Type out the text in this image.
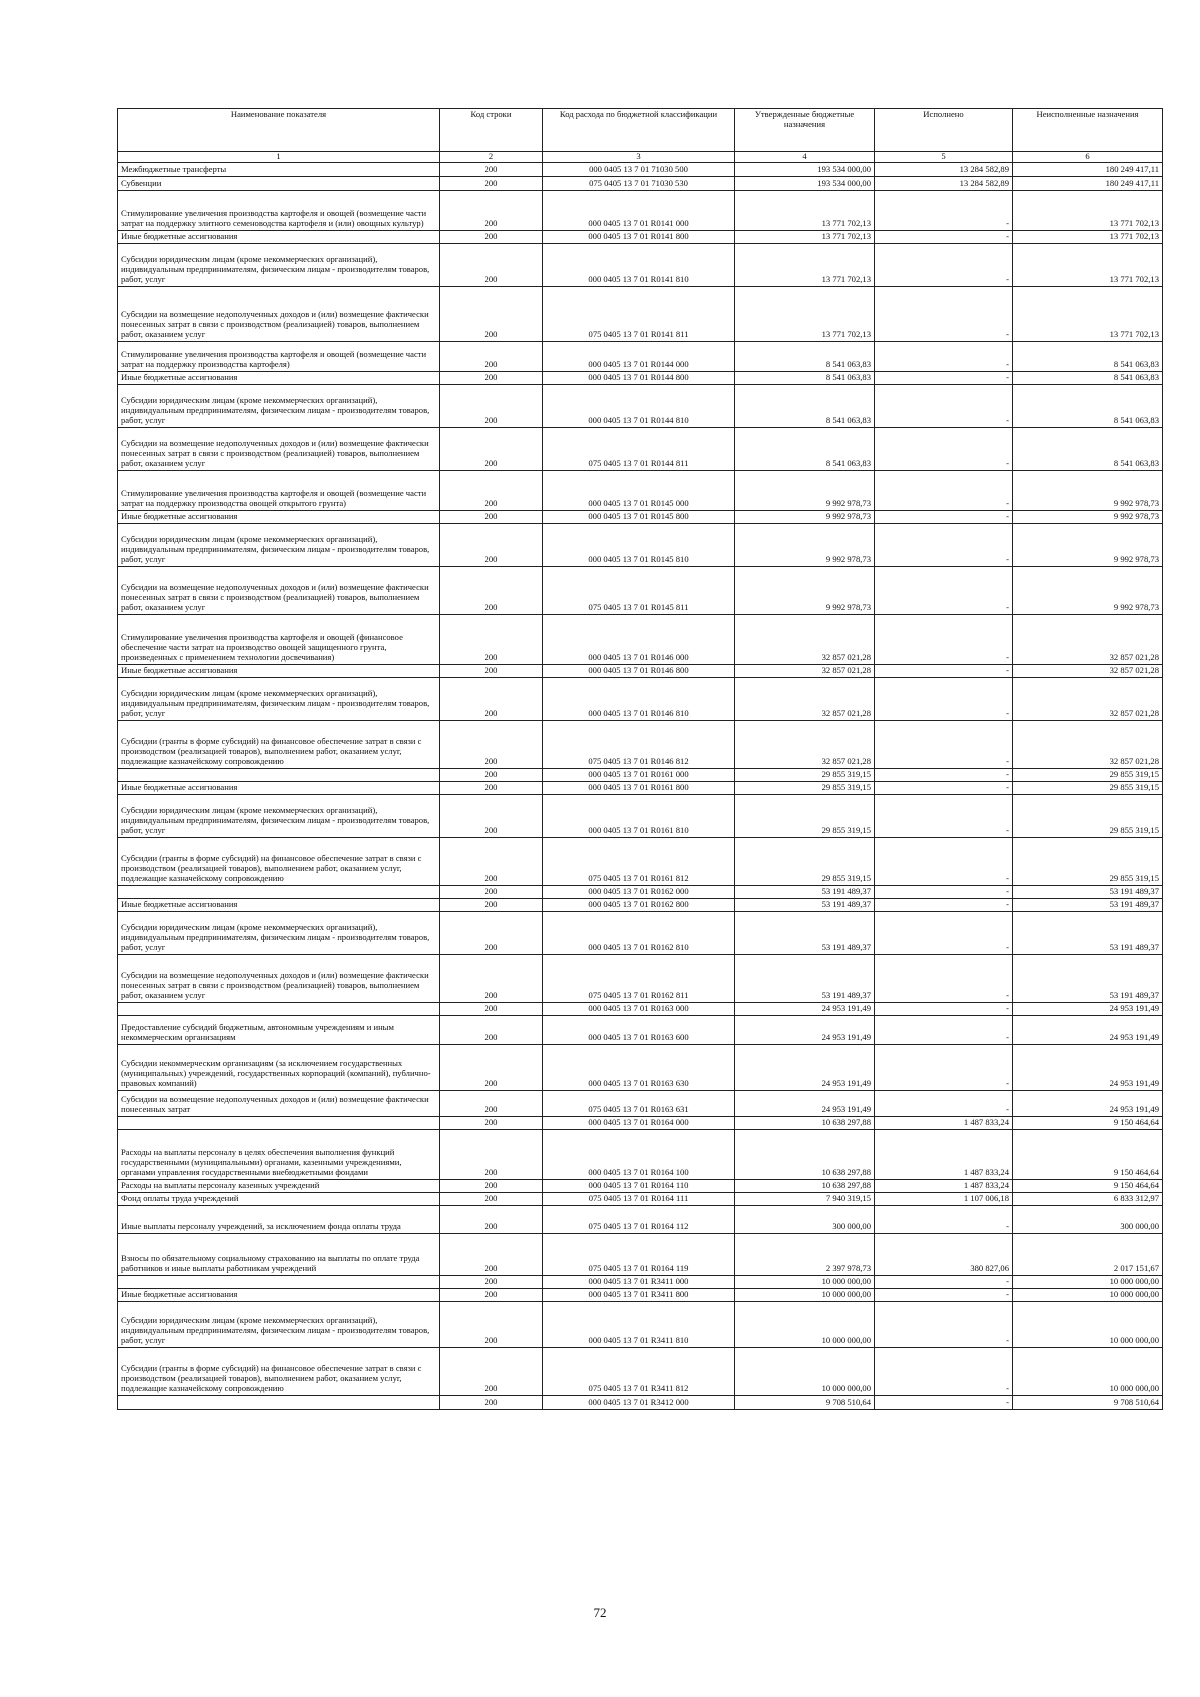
Наименование показателя	Код строки	Код расхода по бюджетной классификации	Утвержденные бюджетные назначения	Исполнено	Неисполненные назначения
1	2	3	4	5	6
Межбюджетные трансферты	200	000 0405 13 7 01 71030 500	193 534 000,00	13 284 582,89	180 249 417,11
Субвенции	200	075 0405 13 7 01 71030 530	193 534 000,00	13 284 582,89	180 249 417,11
Стимулирование увеличения производства картофеля и овощей (возмещение части затрат на поддержку элитного семеноводства картофеля и (или) овощных культур)	200	000 0405 13 7 01 R0141 000	13 771 702,13	-	13 771 702,13
Иные бюджетные ассигнования	200	000 0405 13 7 01 R0141 800	13 771 702,13	-	13 771 702,13
Субсидии юридическим лицам (кроме некоммерческих организаций), индивидуальным предпринимателям, физическим лицам - производителям товаров, работ, услуг	200	000 0405 13 7 01 R0141 810	13 771 702,13	-	13 771 702,13
Субсидии на возмещение недополученных доходов и (или) возмещение фактически понесенных затрат в связи с производством (реализацией) товаров, выполнением работ, оказанием услуг	200	075 0405 13 7 01 R0141 811	13 771 702,13	-	13 771 702,13
Стимулирование увеличения производства картофеля и овощей (возмещение части затрат на поддержку производства картофеля)	200	000 0405 13 7 01 R0144 000	8 541 063,83	-	8 541 063,83
Иные бюджетные ассигнования	200	000 0405 13 7 01 R0144 800	8 541 063,83	-	8 541 063,83
Субсидии юридическим лицам (кроме некоммерческих организаций), индивидуальным предпринимателям, физическим лицам - производителям товаров, работ, услуг	200	000 0405 13 7 01 R0144 810	8 541 063,83	-	8 541 063,83
Субсидии на возмещение недополученных доходов и (или) возмещение фактически понесенных затрат в связи с производством (реализацией) товаров, выполнением работ, оказанием услуг	200	075 0405 13 7 01 R0144 811	8 541 063,83	-	8 541 063,83
Стимулирование увеличения производства картофеля и овощей (возмещение части затрат на поддержку производства овощей открытого грунта)	200	000 0405 13 7 01 R0145 000	9 992 978,73	-	9 992 978,73
Иные бюджетные ассигнования	200	000 0405 13 7 01 R0145 800	9 992 978,73	-	9 992 978,73
Субсидии юридическим лицам (кроме некоммерческих организаций), индивидуальным предпринимателям, физическим лицам - производителям товаров, работ, услуг	200	000 0405 13 7 01 R0145 810	9 992 978,73	-	9 992 978,73
Субсидии на возмещение недополученных доходов и (или) возмещение фактически понесенных затрат в связи с производством (реализацией) товаров, выполнением работ, оказанием услуг	200	075 0405 13 7 01 R0145 811	9 992 978,73	-	9 992 978,73
Стимулирование увеличения производства картофеля и овощей (финансовое обеспечение части затрат на производство овощей защищенного грунта, произведенных с применением технологии досвечивания)	200	000 0405 13 7 01 R0146 000	32 857 021,28	-	32 857 021,28
Иные бюджетные ассигнования	200	000 0405 13 7 01 R0146 800	32 857 021,28	-	32 857 021,28
Субсидии юридическим лицам (кроме некоммерческих организаций), индивидуальным предпринимателям, физическим лицам - производителям товаров, работ, услуг	200	000 0405 13 7 01 R0146 810	32 857 021,28	-	32 857 021,28
Субсидии (гранты в форме субсидий) на финансовое обеспечение затрат в связи с производством (реализацией товаров), выполнением работ, оказанием услуг, подлежащие казначейскому сопровождению	200	075 0405 13 7 01 R0146 812	32 857 021,28	-	32 857 021,28
	200	000 0405 13 7 01 R0161 000	29 855 319,15	-	29 855 319,15
Иные бюджетные ассигнования	200	000 0405 13 7 01 R0161 800	29 855 319,15	-	29 855 319,15
Субсидии юридическим лицам (кроме некоммерческих организаций), индивидуальным предпринимателям, физическим лицам - производителям товаров, работ, услуг	200	000 0405 13 7 01 R0161 810	29 855 319,15	-	29 855 319,15
Субсидии (гранты в форме субсидий) на финансовое обеспечение затрат в связи с производством (реализацией товаров), выполнением работ, оказанием услуг, подлежащие казначейскому сопровождению	200	075 0405 13 7 01 R0161 812	29 855 319,15	-	29 855 319,15
	200	000 0405 13 7 01 R0162 000	53 191 489,37	-	53 191 489,37
Иные бюджетные ассигнования	200	000 0405 13 7 01 R0162 800	53 191 489,37	-	53 191 489,37
Субсидии юридическим лицам (кроме некоммерческих организаций), индивидуальным предпринимателям, физическим лицам - производителям товаров, работ, услуг	200	000 0405 13 7 01 R0162 810	53 191 489,37	-	53 191 489,37
Субсидии на возмещение недополученных доходов и (или) возмещение фактически понесенных затрат в связи с производством (реализацией) товаров, выполнением работ, оказанием услуг	200	075 0405 13 7 01 R0162 811	53 191 489,37	-	53 191 489,37
	200	000 0405 13 7 01 R0163 000	24 953 191,49	-	24 953 191,49
Предоставление субсидий бюджетным, автономным учреждениям и иным некоммерческим организациям	200	000 0405 13 7 01 R0163 600	24 953 191,49	-	24 953 191,49
Субсидии некоммерческим организациям (за исключением государственных (муниципальных) учреждений, государственных корпораций (компаний), публично-правовых компаний)	200	000 0405 13 7 01 R0163 630	24 953 191,49	-	24 953 191,49
Субсидии на возмещение недополученных доходов и (или) возмещение фактически понесенных затрат	200	075 0405 13 7 01 R0163 631	24 953 191,49	-	24 953 191,49
	200	000 0405 13 7 01 R0164 000	10 638 297,88	1 487 833,24	9 150 464,64
Расходы на выплаты персоналу в целях обеспечения выполнения функций государственными (муниципальными) органами, казенными учреждениями, органами управления государственными внебюджетными фондами	200	000 0405 13 7 01 R0164 100	10 638 297,88	1 487 833,24	9 150 464,64
Расходы на выплаты персоналу казенных учреждений	200	000 0405 13 7 01 R0164 110	10 638 297,88	1 487 833,24	9 150 464,64
Фонд оплаты труда учреждений	200	075 0405 13 7 01 R0164 111	7 940 319,15	1 107 006,18	6 833 312,97
Иные выплаты персоналу учреждений, за исключением фонда оплаты труда	200	075 0405 13 7 01 R0164 112	300 000,00	-	300 000,00
Взносы по обязательному социальному страхованию на выплаты по оплате труда работников и иные выплаты работникам учреждений	200	075 0405 13 7 01 R0164 119	2 397 978,73	380 827,06	2 017 151,67
	200	000 0405 13 7 01 R3411 000	10 000 000,00	-	10 000 000,00
Иные бюджетные ассигнования	200	000 0405 13 7 01 R3411 800	10 000 000,00	-	10 000 000,00
Субсидии юридическим лицам (кроме некоммерческих организаций), индивидуальным предпринимателям, физическим лицам - производителям товаров, работ, услуг	200	000 0405 13 7 01 R3411 810	10 000 000,00	-	10 000 000,00
Субсидии (гранты в форме субсидий) на финансовое обеспечение затрат в связи с производством (реализацией товаров), выполнением работ, оказанием услуг, подлежащие казначейскому сопровождению	200	075 0405 13 7 01 R3411 812	10 000 000,00	-	10 000 000,00
	200	000 0405 13 7 01 R3412 000	9 708 510,64	-	9 708 510,64
72
